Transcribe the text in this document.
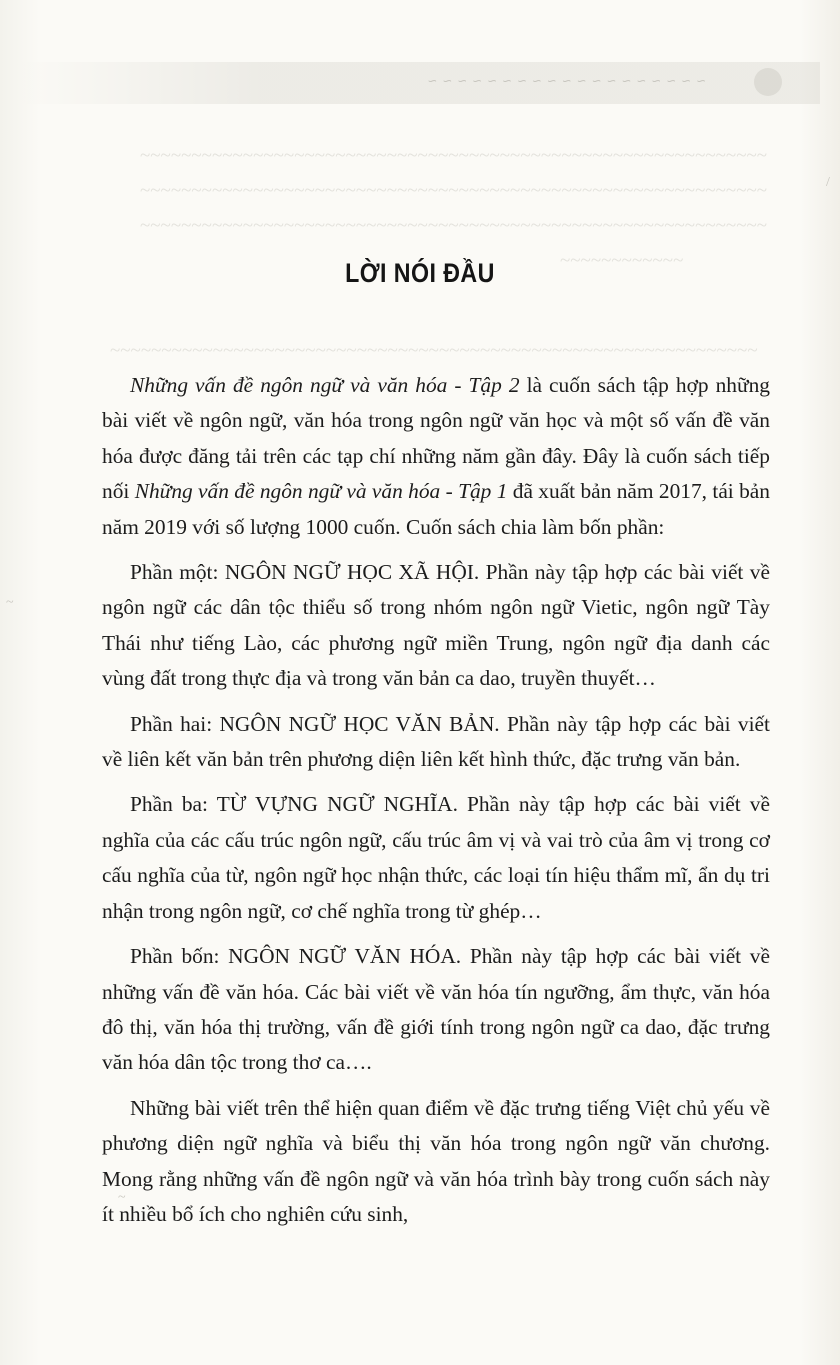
~ ~ ~ ~ ~ ~ ~ ~ ~ ~ ~ ~ ~ ~ ~ ~ ~ ~ ~
~~~~~~~~~~~~~~~~~~~~~~~~~~~~~~~~~~~~~~~~~~~~~~~~~~~~~~~~~~~~~
~~~~~~~~~~~~~~~~~~~~~~~~~~~~~~~~~~~~~~~~~~~~~~~~~~~~~~~~~~~~~
~~~~~~~~~~~~~~~~~~~~~~~~~~~~~~~~~~~~~~~~~~~~~~~~~~~~~~~~~~~~~
~~~~~~~~~~~~
~~~~~~~~~~~~~~~~~~~~~~~~~~~~~~~~~~~~~~~~~~~~~~~~~~~~~~~~~~~~~~~
~
~
/
LỜI NÓI ĐẦU

Những vấn đề ngôn ngữ và văn hóa - Tập 2 là cuốn sách tập hợp những bài viết về ngôn ngữ, văn hóa trong ngôn ngữ văn học và một số vấn đề văn hóa được đăng tải trên các tạp chí những năm gần đây. Đây là cuốn sách tiếp nối Những vấn đề ngôn ngữ và văn hóa - Tập 1 đã xuất bản năm 2017, tái bản năm 2019 với số lượng 1000 cuốn. Cuốn sách chia làm bốn phần:

Phần một: NGÔN NGỮ HỌC XÃ HỘI. Phần này tập hợp các bài viết về ngôn ngữ các dân tộc thiểu số trong nhóm ngôn ngữ Vietic, ngôn ngữ Tày Thái như tiếng Lào, các phương ngữ miền Trung, ngôn ngữ địa danh các vùng đất trong thực địa và trong văn bản ca dao, truyền thuyết…

Phần hai: NGÔN NGỮ HỌC VĂN BẢN. Phần này tập hợp các bài viết về liên kết văn bản trên phương diện liên kết hình thức, đặc trưng văn bản.

Phần ba: TỪ VỰNG NGỮ NGHĨA. Phần này tập hợp các bài viết về nghĩa của các cấu trúc ngôn ngữ, cấu trúc âm vị và vai trò của âm vị trong cơ cấu nghĩa của từ, ngôn ngữ học nhận thức, các loại tín hiệu thẩm mĩ, ẩn dụ tri nhận trong ngôn ngữ, cơ chế nghĩa trong từ ghép…

Phần bốn: NGÔN NGỮ VĂN HÓA. Phần này tập hợp các bài viết về những vấn đề văn hóa. Các bài viết về văn hóa tín ngưỡng, ẩm thực, văn hóa đô thị, văn hóa thị trường, vấn đề giới tính trong ngôn ngữ ca dao, đặc trưng văn hóa dân tộc trong thơ ca….

Những bài viết trên thể hiện quan điểm về đặc trưng tiếng Việt chủ yếu về phương diện ngữ nghĩa và biểu thị văn hóa trong ngôn ngữ văn chương. Mong rằng những vấn đề ngôn ngữ và văn hóa trình bày trong cuốn sách này ít nhiều bổ ích cho nghiên cứu sinh,
